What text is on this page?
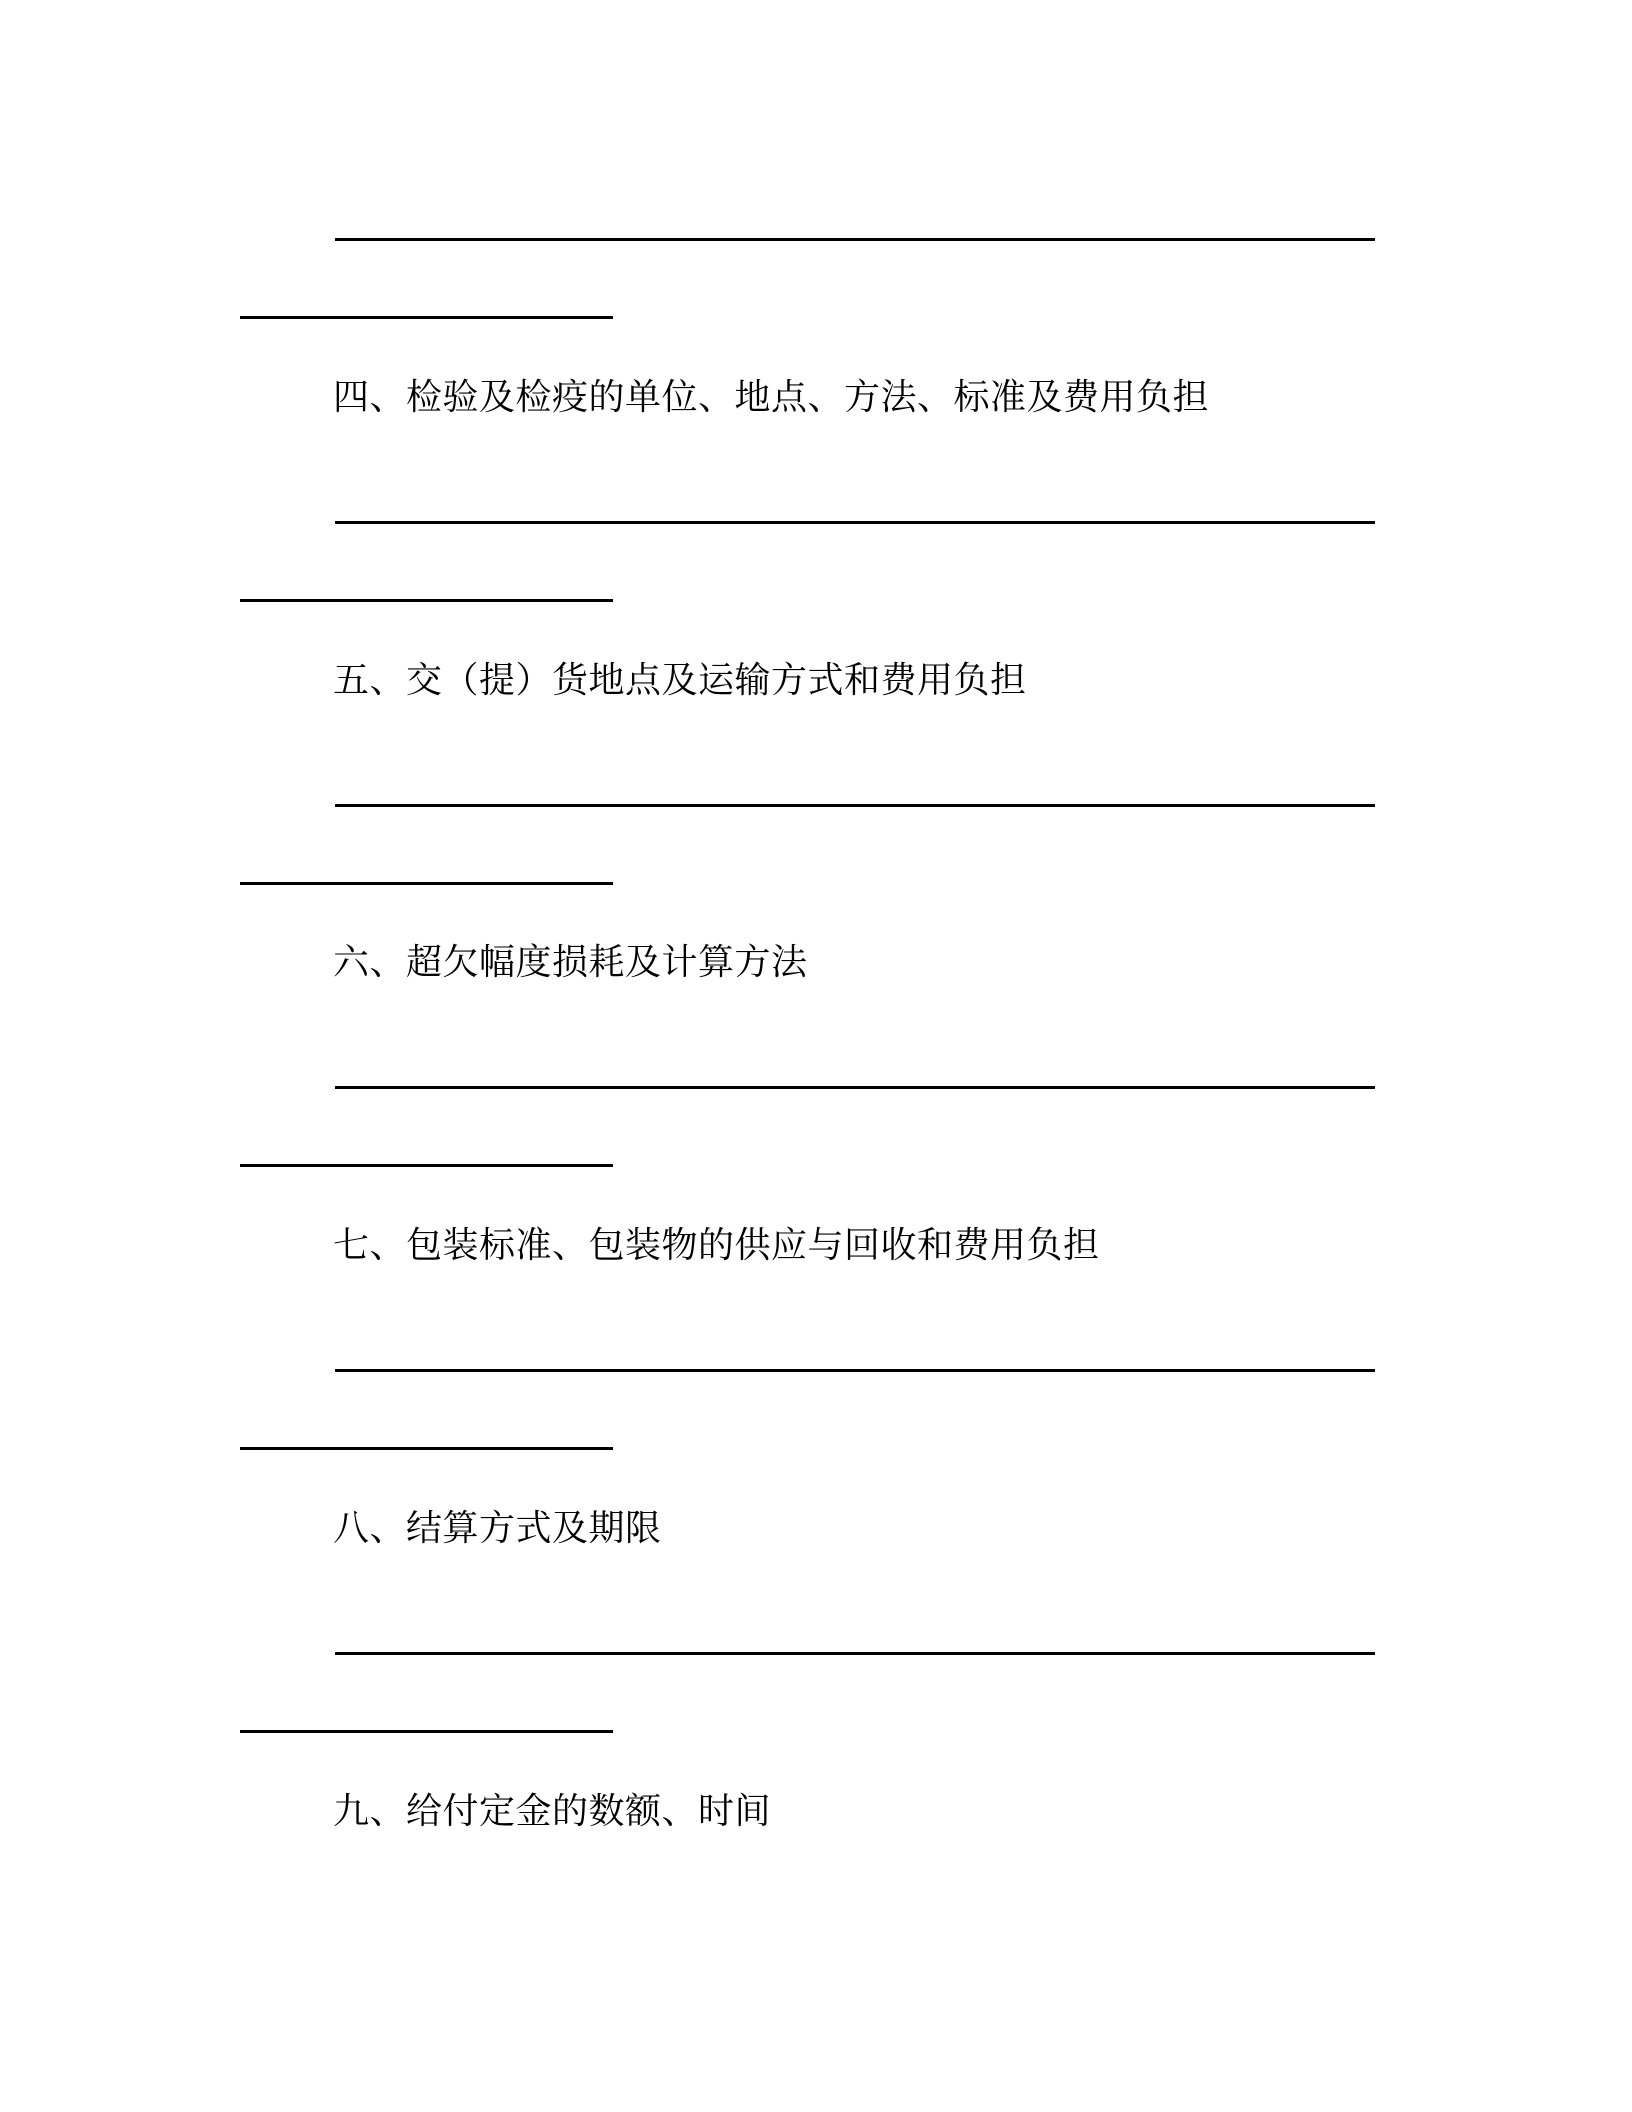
四、检验及检疫的单位、地点、方法、标准及费用负担
五、交（提）货地点及运输方式和费用负担
六、超欠幅度损耗及计算方法
七、包装标准、包装物的供应与回收和费用负担
八、结算方式及期限
九、给付定金的数额、时间
